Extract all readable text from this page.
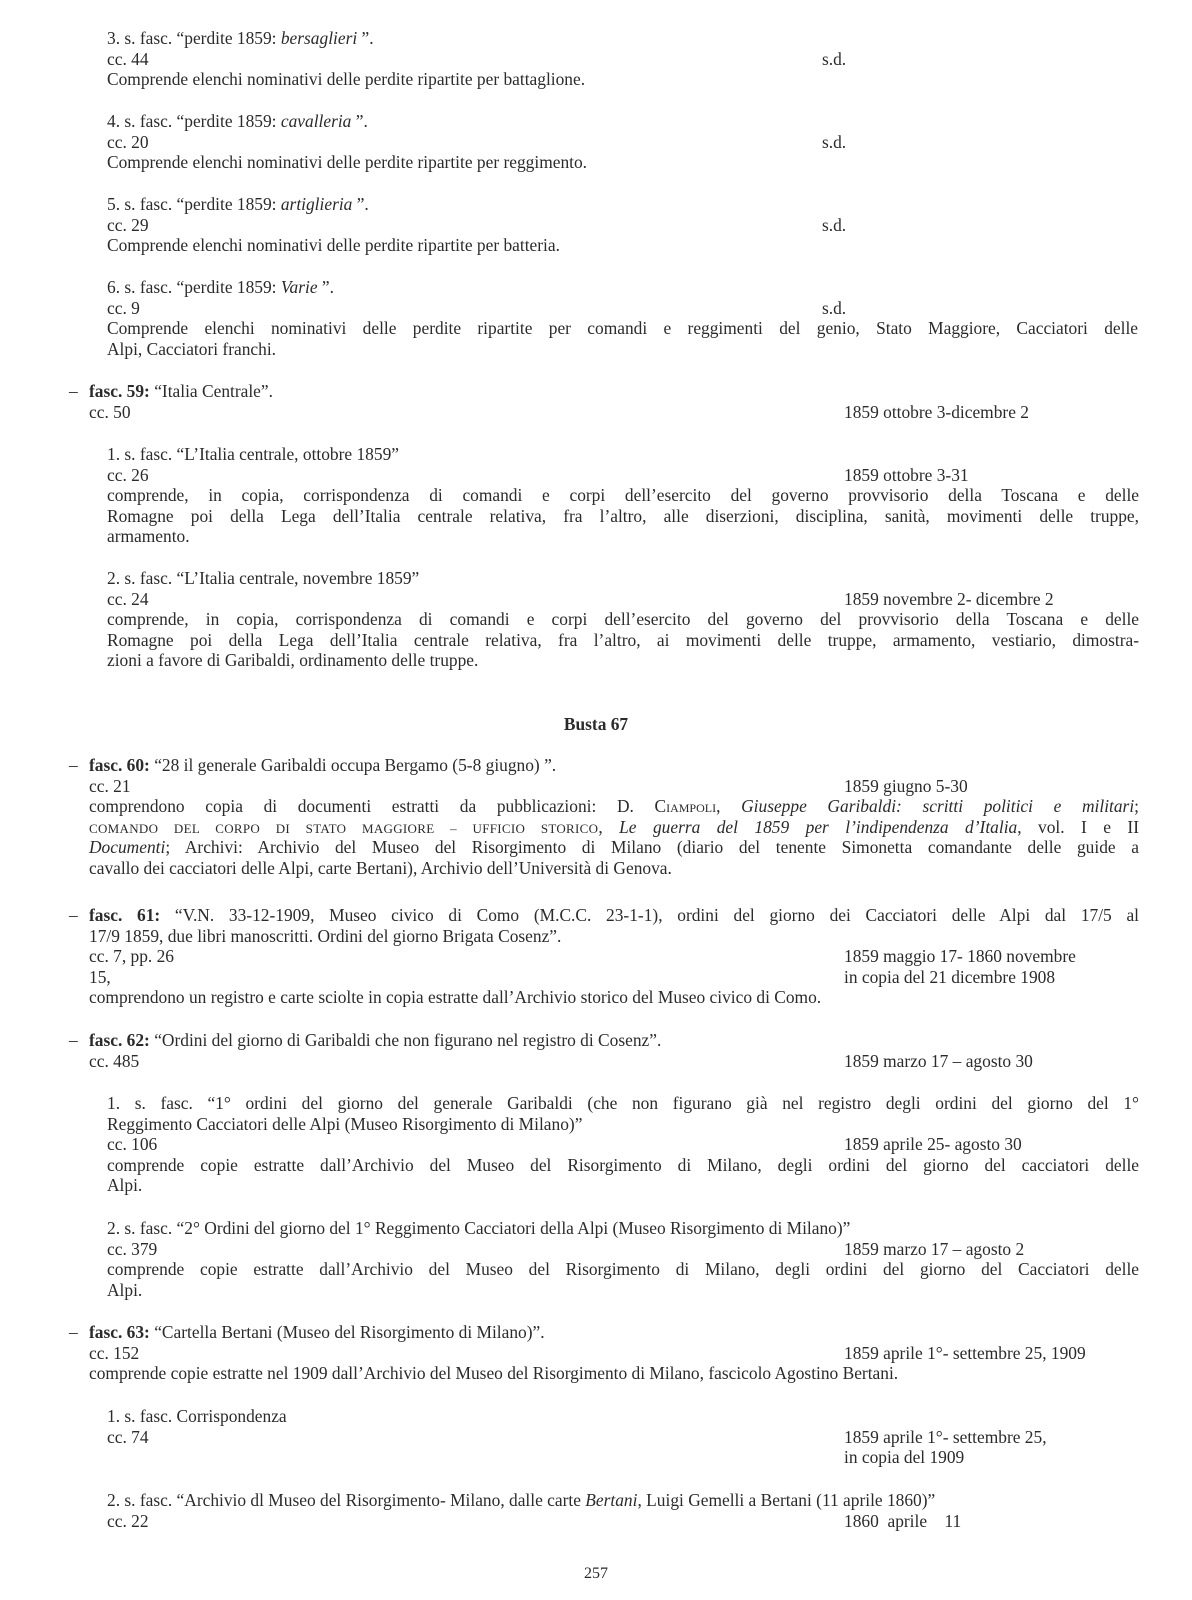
3. s. fasc. “perdite 1859: bersaglieri ”.
cc. 44	s.d.
Comprende elenchi nominativi delle perdite ripartite per battaglione.
4. s. fasc. “perdite 1859: cavalleria ”.
cc. 20	s.d.
Comprende elenchi nominativi delle perdite ripartite per reggimento.
5. s. fasc. “perdite 1859: artiglieria ”.
cc. 29	s.d.
Comprende elenchi nominativi delle perdite ripartite per batteria.
6. s. fasc. “perdite 1859: Varie ”.
cc. 9	s.d.
Comprende elenchi nominativi delle perdite ripartite per comandi e reggimenti del genio, Stato Maggiore, Cacciatori delle
Alpi, Cacciatori franchi.
– fasc. 59: “Italia Centrale”.
cc. 50	1859 ottobre 3-dicembre 2
1. s. fasc. “L’Italia centrale, ottobre 1859”
cc. 26	1859 ottobre 3-31
comprende, in copia, corrispondenza di comandi e corpi dell’esercito del governo provvisorio della Toscana e delle
Romagne poi della Lega dell’Italia centrale relativa, fra l’altro, alle diserzioni, disciplina, sanità, movimenti delle truppe,
armamento.
2. s. fasc. “L’Italia centrale, novembre 1859”
cc. 24	1859 novembre 2- dicembre 2
comprende, in copia, corrispondenza di comandi e corpi dell’esercito del governo del provvisorio della Toscana e delle
Romagne poi della Lega dell’Italia centrale relativa, fra l’altro, ai movimenti delle truppe, armamento, vestiario, dimostra-
zioni a favore di Garibaldi, ordinamento delle truppe.
Busta 67
– fasc. 60: “28 il generale Garibaldi occupa Bergamo (5-8 giugno) ”.
cc. 21	1859 giugno 5-30
comprendono copia di documenti estratti da pubblicazioni: D. Ciampoli, Giuseppe Garibaldi: scritti politici e militari;
COMANDO DEL CORPO DI STATO MAGGIORE – UFFICIO STORICO, Le guerra del 1859 per l’indipendenza d’Italia, vol. I e II
Documenti; Archivi: Archivio del Museo del Risorgimento di Milano (diario del tenente Simonetta comandante delle guide a
cavallo dei cacciatori delle Alpi, carte Bertani), Archivio dell’Università di Genova.
– fasc. 61: “V.N. 33-12-1909, Museo civico di Como (M.C.C. 23-1-1), ordini del giorno dei Cacciatori delle Alpi dal 17/5 al
17/9 1859, due libri manoscritti. Ordini del giorno Brigata Cosenz”.
cc. 7, pp. 26	1859 maggio 17- 1860 novembre
15,	in copia del 21 dicembre 1908
comprendono un registro e carte sciolte in copia estratte dall’Archivio storico del Museo civico di Como.
– fasc. 62: “Ordini del giorno di Garibaldi che non figurano nel registro di Cosenz”.
cc. 485	1859 marzo 17 – agosto 30
1. s. fasc. “1° ordini del giorno del generale Garibaldi (che non figurano già nel registro degli ordini del giorno del 1°
Reggimento Cacciatori delle Alpi (Museo Risorgimento di Milano)”
cc. 106	1859 aprile 25- agosto 30
comprende copie estratte dall’Archivio del Museo del Risorgimento di Milano, degli ordini del giorno del cacciatori delle
Alpi.
2. s. fasc. “2° Ordini del giorno del 1° Reggimento Cacciatori della Alpi (Museo Risorgimento di Milano)”
cc. 379	1859 marzo 17 – agosto 2
comprende copie estratte dall’Archivio del Museo del Risorgimento di Milano, degli ordini del giorno del Cacciatori delle
Alpi.
– fasc. 63: “Cartella Bertani (Museo del Risorgimento di Milano)”.
cc. 152	1859 aprile 1°- settembre 25, 1909
comprende copie estratte nel 1909 dall’Archivio del Museo del Risorgimento di Milano, fascicolo Agostino Bertani.
1. s. fasc. Corrispondenza
cc. 74	1859 aprile 1°- settembre 25,
in copia del 1909
2. s. fasc. “Archivio dl Museo del Risorgimento- Milano, dalle carte Bertani, Luigi Gemelli a Bertani (11 aprile 1860)”
cc. 22	1860  aprile    11
257
